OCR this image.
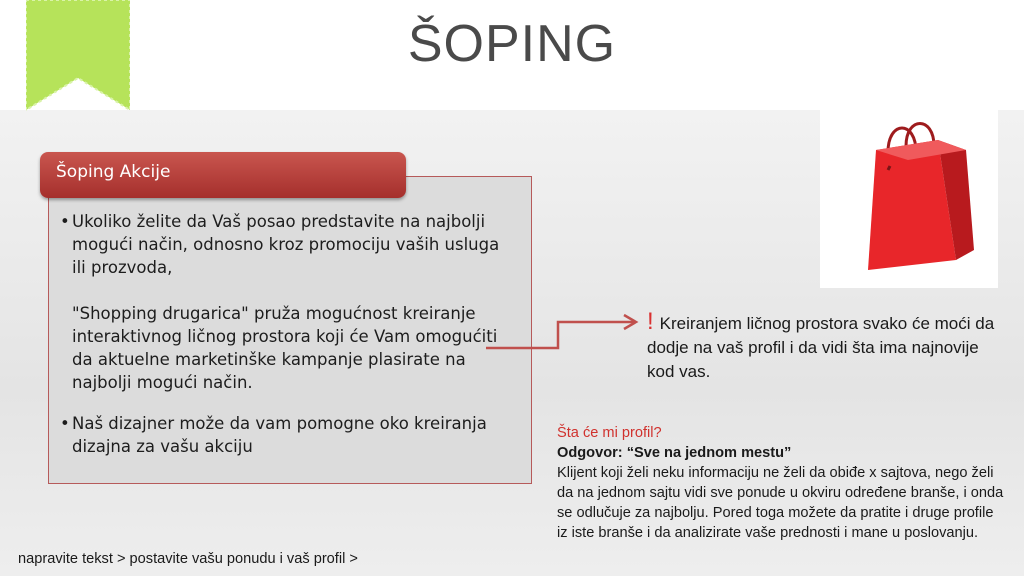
ŠOPING
Šoping Akcije
• Ukoliko želite da Vaš posao predstavite na najbolji mogući način, odnosno kroz promociju vaših usluga ili prozvoda,
"Shopping drugarica" pruža mogućnost kreiranje interaktivnog ličnog prostora koji će Vam omogućiti da aktuelne marketinške kampanje plasirate na najbolji mogući način.
• Naš dizajner može da vam pomogne oko kreiranja dizajna za vašu akciju
! Kreiranjem ličnog prostora svako će moći da dodje na vaš profil i da vidi šta ima najnovije kod vas.
Šta će mi profil?
Odgovor: “Sve na jednom mestu”
Klijent koji želi neku informaciju ne želi da obiđe x sajtova, nego želi da na jednom sajtu vidi sve ponude u okviru određene branše, i onda se odlučuje za najbolju. Pored toga možete da pratite i druge profile iz iste branše i da analizirate vaše prednosti i mane u poslovanju.
napravite tekst > postavite vašu ponudu i vaš profil >
